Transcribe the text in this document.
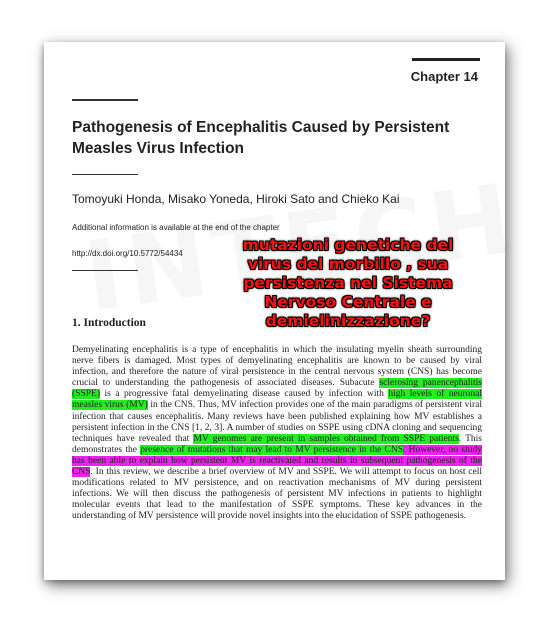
Chapter 14
Pathogenesis of Encephalitis Caused by Persistent Measles Virus Infection
Tomoyuki Honda, Misako Yoneda, Hiroki Sato and Chieko Kai
Additional information is available at the end of the chapter
http://dx.doi.org/10.5772/54434
1. Introduction
Demyelinating encephalitis is a type of encephalitis in which the insulating myelin sheath surrounding nerve fibers is damaged. Most types of demyelinating encephalitis are known to be caused by viral infection, and therefore the nature of viral persistence in the central nervous system (CNS) has become crucial to understanding the pathogenesis of associated diseases. Subacute sclerosing panencephalitis (SSPE) is a progressive fatal demyelinating disease caused by infection with high levels of neuronal measles virus (MV) in the CNS. Thus, MV infection provides one of the main paradigms of persistent viral infection that causes encephalitis. Many reviews have been published explaining how MV establishes a persistent infection in the CNS [1, 2, 3]. A number of studies on SSPE using cDNA cloning and sequencing techniques have revealed that MV genomes are present in samples obtained from SSPE patients. This demonstrates the presence of mutations that may lead to MV persistence in the CNS. However, no study has been able to explain how persistent MV is reactivated and results in subsequent pathogenesis of the CNS. In this review, we describe a brief overview of MV and SSPE. We will attempt to focus on host cell modifications related to MV persistence, and on reactivation mechanisms of MV during persistent infections. We will then discuss the pathogenesis of persistent MV infections in patients to highlight molecular events that lead to the manifestation of SSPE symptoms. These key advances in the understanding of MV persistence will provide novel insights into the elucidation of SSPE pathogenesis.
mutazioni genetiche del virus del morbillo , sua persistenza nel Sistema Nervoso Centrale e demielinizzazione?
